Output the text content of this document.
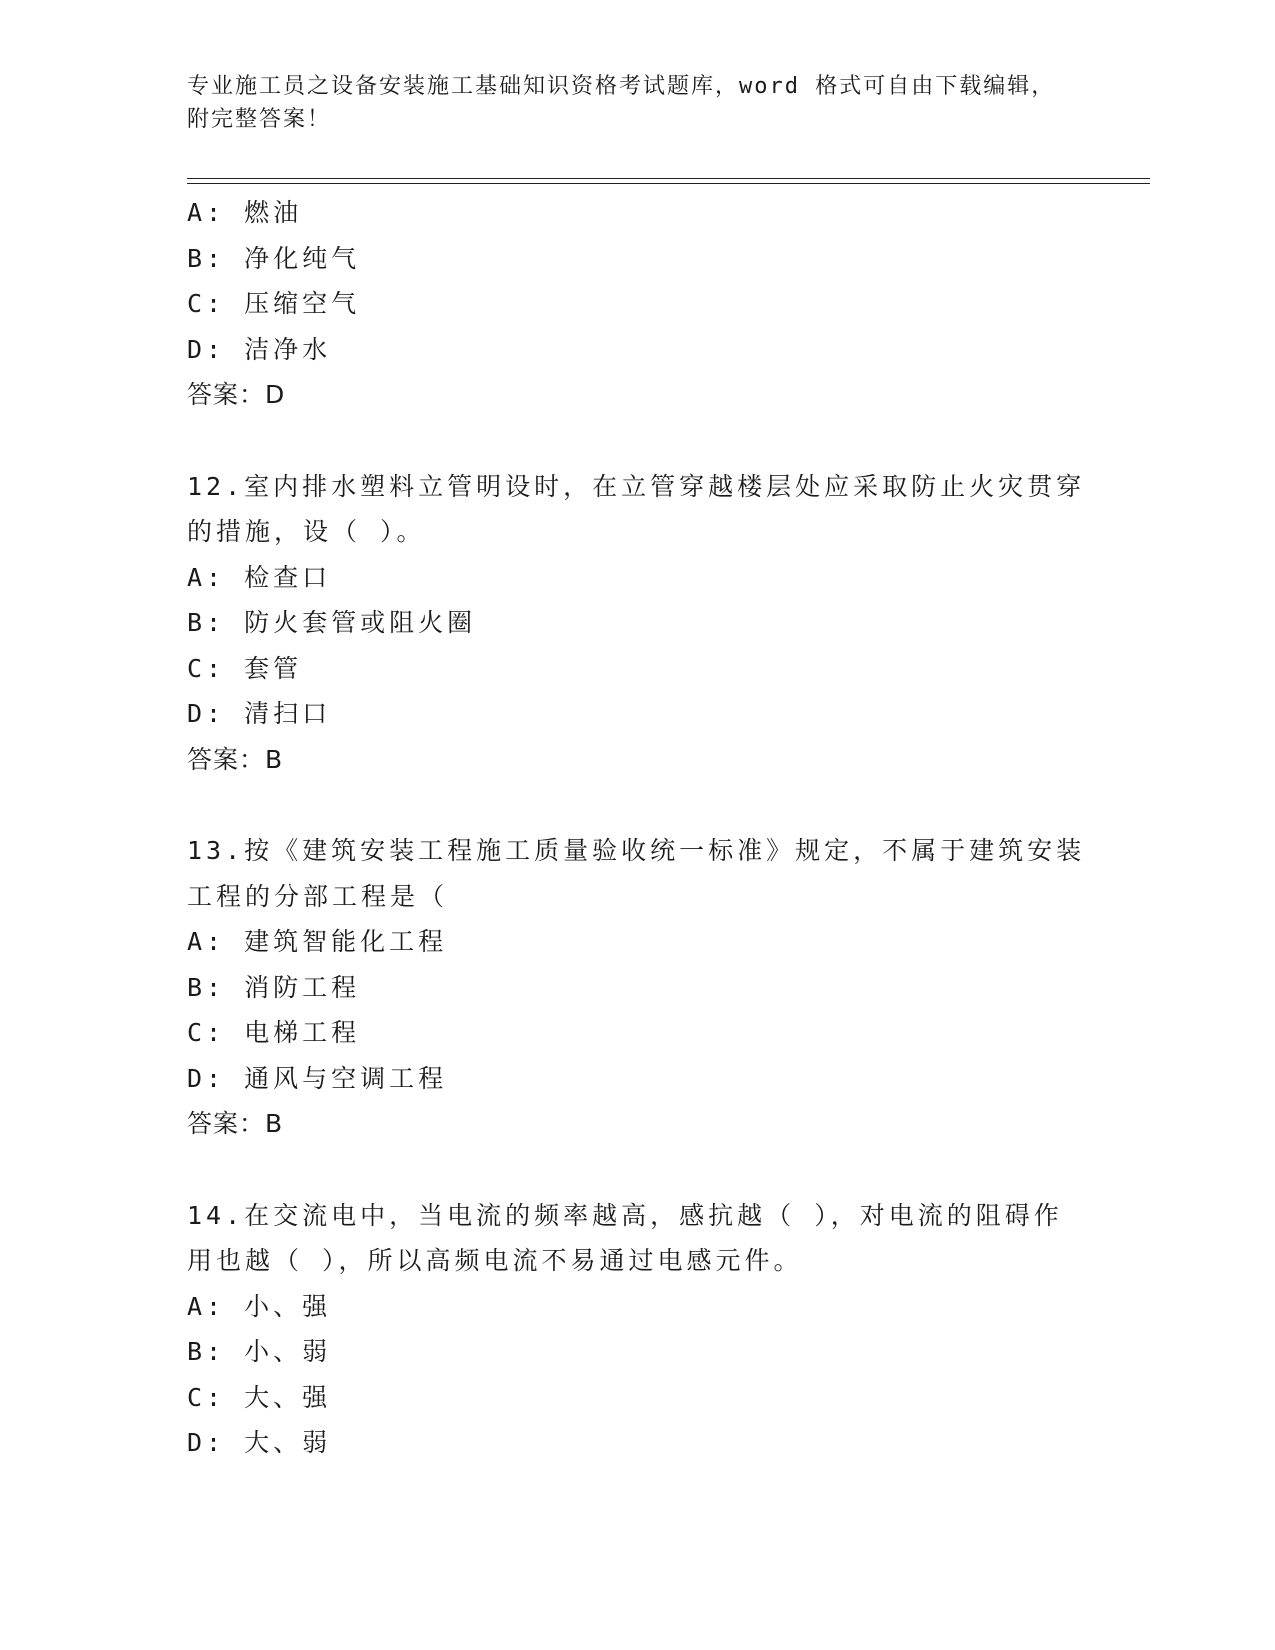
专业施工员之设备安装施工基础知识资格考试题库，word 格式可自由下载编辑，
附完整答案！
A: 燃油
B: 净化纯气
C: 压缩空气
D: 洁净水
答案：D
12.室内排水塑料立管明设时，在立管穿越楼层处应采取防止火灾贯穿
的措施，设（ ）。
A: 检查口
B: 防火套管或阻火圈
C: 套管
D: 清扫口
答案：B
13.按《建筑安装工程施工质量验收统一标准》规定，不属于建筑安装
工程的分部工程是（
A: 建筑智能化工程
B: 消防工程
C: 电梯工程
D: 通风与空调工程
答案：B
14.在交流电中，当电流的频率越高，感抗越（ ），对电流的阻碍作
用也越（ ），所以高频电流不易通过电感元件。
A: 小、强
B: 小、弱
C: 大、强
D: 大、弱
